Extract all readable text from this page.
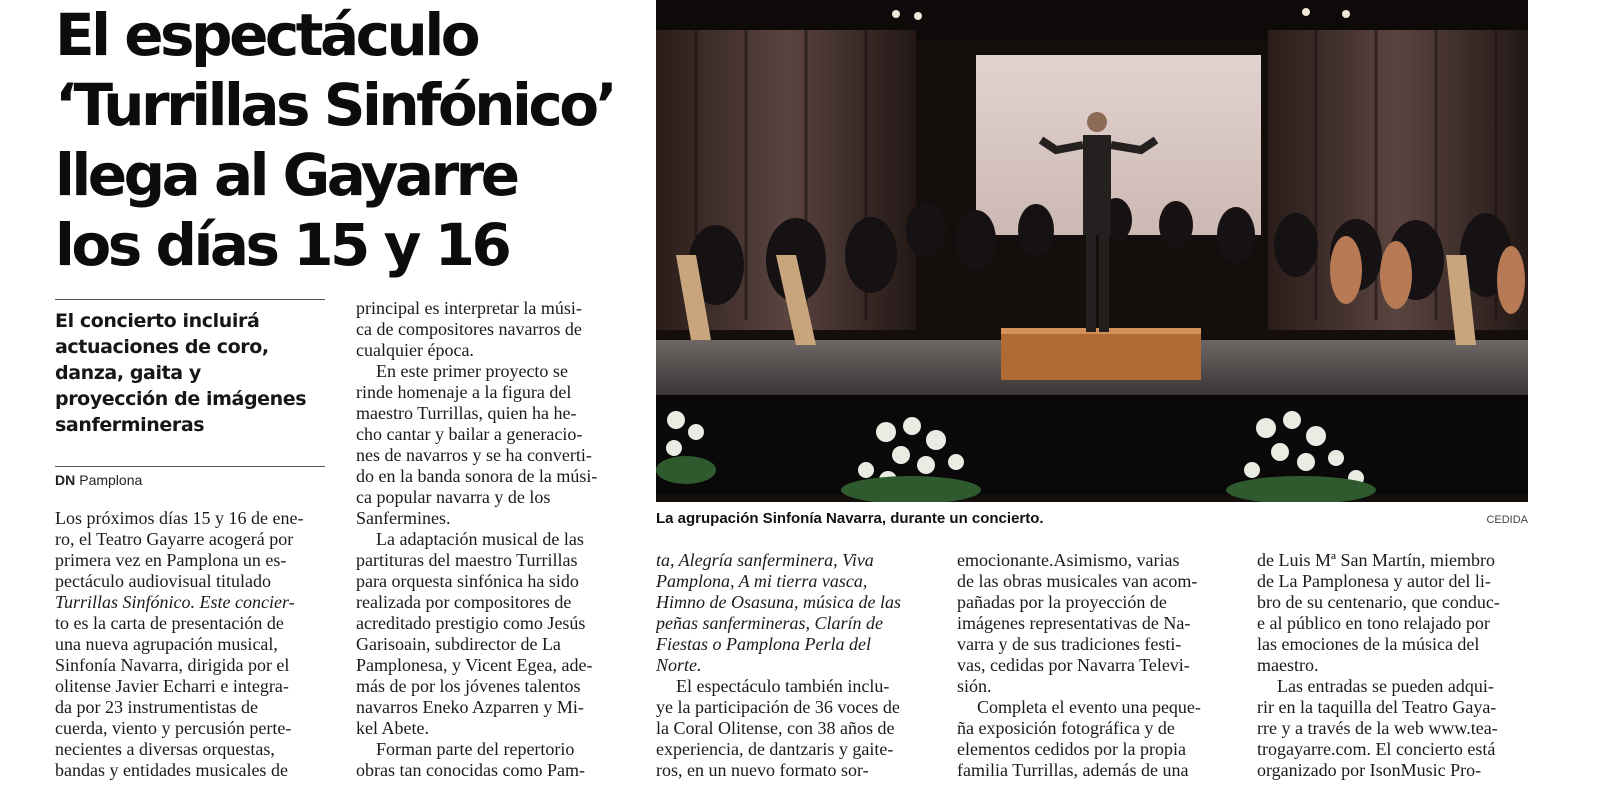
El espectáculo
‘Turrillas Sinfónico’
llega al Gayarre
los días 15 y 16
El concierto incluirá
actuaciones de coro,
danza, gaita y
proyección de imágenes
sanfermineras
DN Pamplona
Los próximos días 15 y 16 de ene-
ro, el Teatro Gayarre acogerá por
primera vez en Pamplona un es-
pectáculo audiovisual titulado
Turrillas Sinfónico. Este concier-
to es la carta de presentación de
una nueva agrupación musical,
Sinfonía Navarra, dirigida por el
olitense Javier Echarri e integra-
da por 23 instrumentistas de
cuerda, viento y percusión perte-
necientes a diversas orquestas,
bandas y entidades musicales de
principal es interpretar la músi-
ca de compositores navarros de
cualquier época.
En este primer proyecto se
rinde homenaje a la figura del
maestro Turrillas, quien ha he-
cho cantar y bailar a generacio-
nes de navarros y se ha converti-
do en la banda sonora de la músi-
ca popular navarra y de los
Sanfermines.
La adaptación musical de las
partituras del maestro Turrillas
para orquesta sinfónica ha sido
realizada por compositores de
acreditado prestigio como Jesús
Garisoain, subdirector de La
Pamplonesa, y Vicent Egea, ade-
más de por los jóvenes talentos
navarros Eneko Azparren y Mi-
kel Abete.
Forman parte del repertorio
obras tan conocidas como Pam-
La agrupación Sinfonía Navarra, durante un concierto.	CEDIDA
ta, Alegría sanferminera, Viva
Pamplona, A mi tierra vasca,
Himno de Osasuna, música de las
peñas sanfermineras, Clarín de
Fiestas o Pamplona Perla del
Norte.
El espectáculo también inclu-
ye la participación de 36 voces de
la Coral Olitense, con 38 años de
experiencia, de dantzaris y gaite-
ros, en un nuevo formato sor-
emocionante.Asimismo, varias
de las obras musicales van acom-
pañadas por la proyección de
imágenes representativas de Na-
varra y de sus tradiciones festi-
vas, cedidas por Navarra Televi-
sión.
Completa el evento una peque-
ña exposición fotográfica y de
elementos cedidos por la propia
familia Turrillas, además de una
de Luis Mª San Martín, miembro
de La Pamplonesa y autor del li-
bro de su centenario, que conduc-
e al público en tono relajado por
las emociones de la música del
maestro.
Las entradas se pueden adqui-
rir en la taquilla del Teatro Gaya-
rre y a través de la web www.tea-
trogayarre.com. El concierto está
organizado por IsonMusic Pro-
